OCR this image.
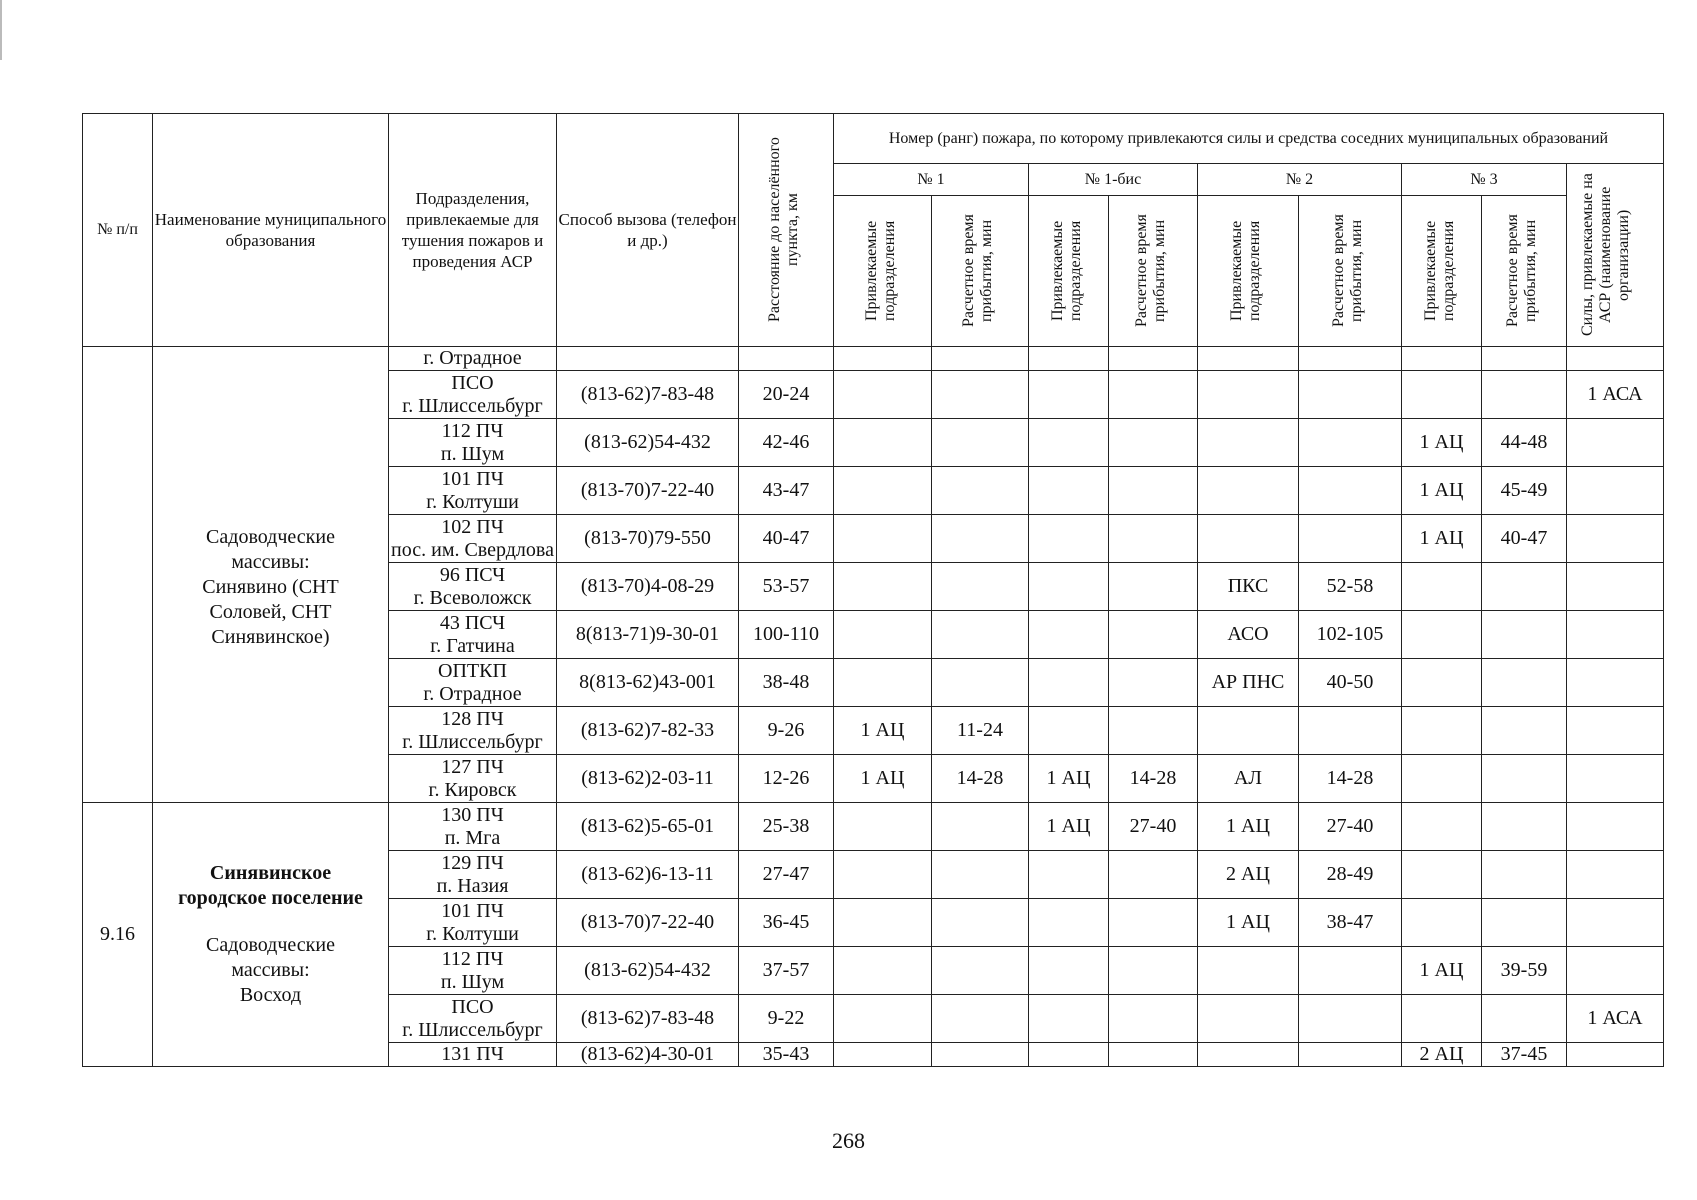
№ п/п	Наименование муниципального образования	Подразделения, привлекаемые для тушения пожаров и проведения АСР	Способ вызова (телефон и др.)	Расстояние до населённого пункта, км	Номер (ранг) пожара, по которому привлекаются силы и средства соседних муниципальных образований								
					№ 1		№ 1-бис		№ 2		№ 3		Силы, привлекаемые на АСР (наименование организации)

					Привлекаемые подразделения	Расчетное время прибытия, мин	Привлекаемые подразделения	Расчетное время прибытия, мин	Привлекаемые подразделения	Расчетное время прибытия, мин	Привлекаемые подразделения	Расчетное время прибытия, мин	

	Садоводческие
массивы:
Синявино (СНТ
Соловей, СНТ
Синявинское)	г. Отрадное											

		ПСО
г. Шлиссельбург	(813-62)7-83-48	20-24									1 АСА

		112 ПЧ
п. Шум	(813-62)54-432	42-46							1 АЦ	44-48	

		101 ПЧ
г. Колтуши	(813-70)7-22-40	43-47							1 АЦ	45-49	

		102 ПЧ
пос. им. Свердлова	(813-70)79-550	40-47							1 АЦ	40-47	

		96 ПСЧ
г. Всеволожск	(813-70)4-08-29	53-57					ПКС	52-58			

		43 ПСЧ
г. Гатчина	8(813-71)9-30-01	100-110					АСО	102-105			

		ОПТКП
г. Отрадное	8(813-62)43-001	38-48					АР ПНС	40-50			

		128 ПЧ
г. Шлиссельбург	(813-62)7-82-33	9-26	1 АЦ	11-24							

		127 ПЧ
г. Кировск	(813-62)2-03-11	12-26	1 АЦ	14-28	1 АЦ	14-28	АЛ	14-28			
9.16	Синявинское
городское поселение
Садоводческие
массивы:
Восход	130 ПЧ
п. Мга	(813-62)5-65-01	25-38			1 АЦ	27-40	1 АЦ	27-40			

		129 ПЧ
п. Назия	(813-62)6-13-11	27-47					2 АЦ	28-49			

		101 ПЧ
г. Колтуши	(813-70)7-22-40	36-45					1 АЦ	38-47			

		112 ПЧ
п. Шум	(813-62)54-432	37-57							1 АЦ	39-59	

		ПСО
г. Шлиссельбург	(813-62)7-83-48	9-22									1 АСА

		131 ПЧ	(813-62)4-30-01	35-43							2 АЦ	37-45	
268
